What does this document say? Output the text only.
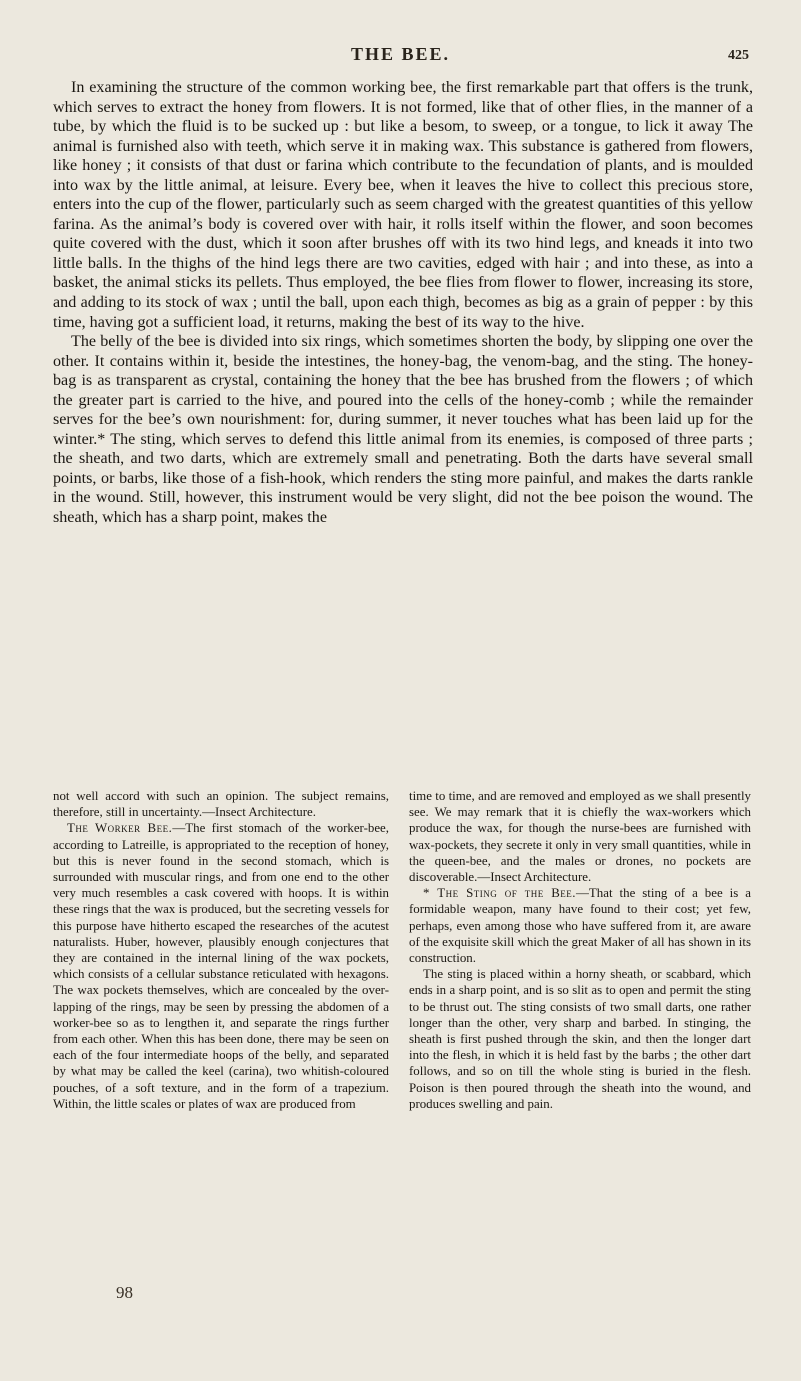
THE BEE.	425

In examining the structure of the common working bee, the first remarkable part that offers is the trunk, which serves to extract the honey from flowers. It is not formed, like that of other flies, in the manner of a tube, by which the fluid is to be sucked up : but like a besom, to sweep, or a tongue, to lick it away The animal is furnished also with teeth, which serve it in making wax. This substance is gathered from flowers, like honey ; it consists of that dust or farina which contribute to the fecundation of plants, and is moulded into wax by the little animal, at leisure. Every bee, when it leaves the hive to collect this precious store, enters into the cup of the flower, particularly such as seem charged with the greatest quantities of this yellow farina. As the animal’s body is covered over with hair, it rolls itself within the flower, and soon becomes quite covered with the dust, which it soon after brushes off with its two hind legs, and kneads it into two little balls. In the thighs of the hind legs there are two cavities, edged with hair ; and into these, as into a basket, the animal sticks its pellets. Thus employed, the bee flies from flower to flower, increasing its store, and adding to its stock of wax ; until the ball, upon each thigh, becomes as big as a grain of pepper : by this time, having got a sufficient load, it returns, making the best of its way to the hive.

The belly of the bee is divided into six rings, which sometimes shorten the body, by slipping one over the other. It contains within it, beside the intestines, the honey-bag, the venom-bag, and the sting. The honey-bag is as transparent as crystal, containing the honey that the bee has brushed from the flowers ; of which the greater part is carried to the hive, and poured into the cells of the honey-comb ; while the remainder serves for the bee’s own nourishment: for, during summer, it never touches what has been laid up for the winter.* The sting, which serves to defend this little animal from its enemies, is composed of three parts ; the sheath, and two darts, which are extremely small and penetrating. Both the darts have several small points, or barbs, like those of a fish-hook, which renders the sting more painful, and makes the darts rankle in the wound. Still, however, this instrument would be very slight, did not the bee poison the wound. The sheath, which has a sharp point, makes the

not well accord with such an opinion. The subject remains, therefore, still in uncertainty.—Insect Architecture.

The Worker Bee.—The first stomach of the worker-bee, according to Latreille, is appropriated to the reception of honey, but this is never found in the second stomach, which is surrounded with muscular rings, and from one end to the other very much resembles a cask covered with hoops. It is within these rings that the wax is produced, but the secreting vessels for this purpose have hitherto escaped the researches of the acutest naturalists. Huber, however, plausibly enough conjectures that they are contained in the internal lining of the wax pockets, which consists of a cellular substance reticulated with hexagons. The wax pockets themselves, which are concealed by the over-lapping of the rings, may be seen by pressing the abdomen of a worker-bee so as to lengthen it, and separate the rings further from each other. When this has been done, there may be seen on each of the four intermediate hoops of the belly, and separated by what may be called the keel (carina), two whitish-coloured pouches, of a soft texture, and in the form of a trapezium. Within, the little scales or plates of wax are produced from

time to time, and are removed and employed as we shall presently see. We may remark that it is chiefly the wax-workers which produce the wax, for though the nurse-bees are furnished with wax-pockets, they secrete it only in very small quantities, while in the queen-bee, and the males or drones, no pockets are discoverable.—Insect Architecture.

* The Sting of the Bee.—That the sting of a bee is a formidable weapon, many have found to their cost; yet few, perhaps, even among those who have suffered from it, are aware of the exquisite skill which the great Maker of all has shown in its construction.

The sting is placed within a horny sheath, or scabbard, which ends in a sharp point, and is so slit as to open and permit the sting to be thrust out. The sting consists of two small darts, one rather longer than the other, very sharp and barbed. In stinging, the sheath is first pushed through the skin, and then the longer dart into the flesh, in which it is held fast by the barbs ; the other dart follows, and so on till the whole sting is buried in the flesh. Poison is then poured through the sheath into the wound, and produces swelling and pain.

98
